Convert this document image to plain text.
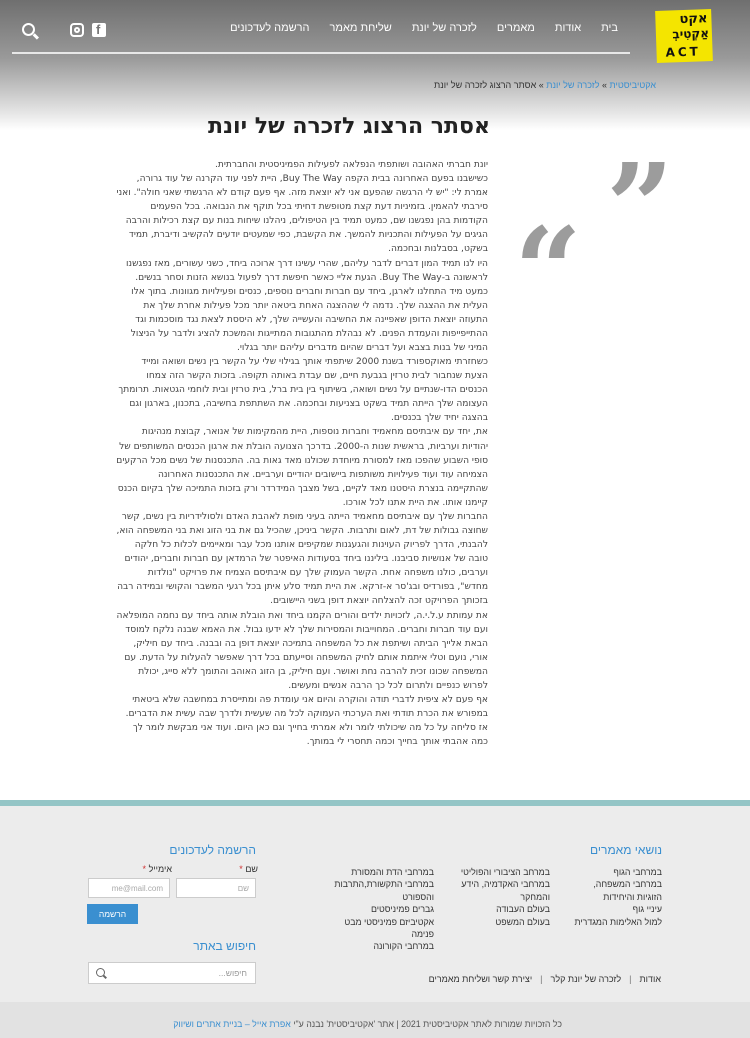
אקט
אַקְטִיבְ
ACT
בית
אודות
מאמרים
לזכרה של יונת
שליחת מאמר
הרשמה לעדכונים
f
אקטיביסטית » לזכרה של יונת » אסתר הרצוג לזכרה של יונת
אסתר הרצוג לזכרה של יונת
”
“

יונת חברתי האהובה ושותפתי הנפלאה לפעילות הפמיניסטית והחברתית.

כשישבנו בפעם האחרונה בבית הקפה Buy The Way, היית לפני עוד הקרנה של עוד גרורה, אמרת לי: "יש לי הרגשה שהפעם אני לא יוצאת מזה. אף פעם קודם לא הרגשתי שאני חולה". ואני סירבתי להאמין. בזמיניות דעת קצת מטופשת דחיתי בכל תוקף את הנבואה. בכל הפעמים הקודמות בהן נפגשנו שם, כמעט תמיד בין הטיפולים, ניהלנו שיחות בנות עם קצת רכילות והרבה הגיגים על הפעילות והתכניות להמשך. את הקשבת, כפי שמעטים יודעים להקשיב ודיברת, תמיד בשקט, בסבלנות ובחכמה.

היו לנו תמיד המון דברים לדבר עליהם, שהרי עשינו דרך ארוכה ביחד, כשני עשורים, מאז נפגשנו לראשונה ב-Buy The Way. הגעת אליי כאשר חיפשת דרך לפעול בנושא הזנות וסחר בנשים. כמעט מיד התחלנו לארגן, ביחד עם חברות וחברים נוספים, כנסים ופעילויות מגוונות. בתוך אלו העלית את ההצגה שלך. נדמה לי שההצגה האחת ביטאה יותר מכל פעילות אחרת שלך את התעוזה יוצאת הדופן שאפיינה את החשיבה והעשייה שלך, לא היססת לצאת נגד מוסכמות וגד ההתייפייפות והעמדת הפנים. לא נבהלת מהתגובות המתייגות והמשכת להציג ולדבר על הניצול המיני של בנות בצבא ועל דברים שהיום מדברים עליהם יותר בגלוי.

כשחזרתי מאוקספורד בשנת 2000 שיתפתי אותך בגילוי שלי על הקשר בין נשים ושואה ומייד הצעת שנחבור לבית טרזין בגבעת חיים, שם עבדת באותה תקופה. בזכות הקשר הזה צמחו הכנסים הדו-שנתיים על נשים ושואה, בשיתוף בין בית ברל, בית טרזין ובית לוחמי הגטאות. תרומתך העצומה שלך הייתה תמיד בשקט בצניעות ובחכמה. את השתתפת בחשיבה, בתכנון, בארגון וגם בהצגה יחיד שלך בכנסים.

את, יחד עם איבתיסם מחאמיד וחברות נוספות, היית מהמקימות של אנואר, קבוצת מנהיגות יהודיות וערביות, בראשית שנות ה-2000. בדרכך הצנועה הובלת את ארגון הכנסים המשותפים של סופי השבוע שהפכו מאז למסורת מיוחדת שכולנו מאד גאות בה. התכנסנות של נשים מכל הרקעים הצמיחה עוד ועוד פעילויות משותפות ביישובים יהודיים וערביים. את התכנסנות האחרונה שהתקיימה בנצרת היסטנו מאד לקיים, בשל מצבך המידרדר ורק בזכות התמיכה שלך בקיום הכנס קיימנו אותו. את היית אתנו לכל אורכו.

החברות שלך עם איבתיסם מחאמיד הייתה בעיני מופת לאהבת האדם ולסולידריות בין נשים, קשר שחוצה גבולות של דת, לאום ותרבות. הקשר ביניכן, שהכיל גם את בני הזוג ואת בני המשפחה הוא, להבנתי, הדרך לפריוק העוינות והגעגנות שמקיפים אותנו מכל עבר ומאיימים לכלות כל חלקה טובה של אנושיות סביבנו. ביליננו ביחד בסעודות האיפטר של הרמדאן עם חברות וחברים, יהודים וערבים, כולנו משפחה אחת. הקשר העמוק שלך עם איבתיסם הצמיח את פרויקט "נולדות מחדש", בפורדיס ובג'סר א-זרקא. את היית תמיד סלע איתן בכל רגעי המשבר והקושי ובמידה רבה בזכותך הפרויקט זכה להצלחה יוצאת דופן בשני היישובים.

את עמותת ע.ל.י.ה, לזכויות ילדים והורים הקמנו ביחד ואת הובלת אותה ביחד עם נחמה המופלאה ועם עוד חברות וחברים. המחוייבות והמסירות שלך לא ידעו גבול. את האמא שבנה נלקח למוסד הבאת אלייך הביתה ושיתפת את כל המשפחה בתמיכה יוצאת דופן בה ובבנה. ביחד עם חיליק, אורי, נועם וטלי איתמת אותם לחיק המשפחה וסייעתם בכל דרך שאפשר להעלות על הדעת. עם המשפחה שכונו זכית להרבה נחת ואושר. ועם חיליק, בן הזוג האוהב והתומך ללא סייג, יכולת לפרוש כנפיים ולתרום לכל כך הרבה אנשים ומעשים.

אף פעם לא ציפית לדברי תודה והוקרה והיום אני עומדת פה ומתייסרת במחשבה שלא ביטאתי במפורש את הכרת תודתי ואת הערכתי העמוקה לכל מה שעשית ולדרך שבה עשית את הדברים. אז סליחה על כל מה שיכולתי לומר ולא אמרתי בחייך וגם כאן היום. ועוד אני מבקשת לומר לך כמה אהבתי אותך בחייך וכמה תחסרי לי במותך.

נושאי מאמרים
במרחבי הגוף
במרחבי המשפחה, הזוגיות והיחידות
עיניי גוף
למול האלימות המגדרית
במרחב הציבורי והפוליטי
במרחבי האקדמיה, הידע והמחקר
בעולם העבודה
בעולם המשפט
במרחבי הדת והמסורת
במרחבי התקשורת,התרבות והספורט
גברים פמיניסטים
אקטיביזם פמיניסטי מבט פנימה
במרחבי הקורונה
הרשמה לעדכונים
שם *
אימייל *
שם
me@mail.com
הרשמה
חיפוש באתר
חיפוש...
אודות|לזכרה של יונת קלר|יצירת קשר ושליחת מאמרים
כל הזכויות שמורות לאתר אקטיביסטית 2021 | אתר 'אקטיביסטית' נבנה ע"י אפרת אייל – בניית אתרים ושיווק
